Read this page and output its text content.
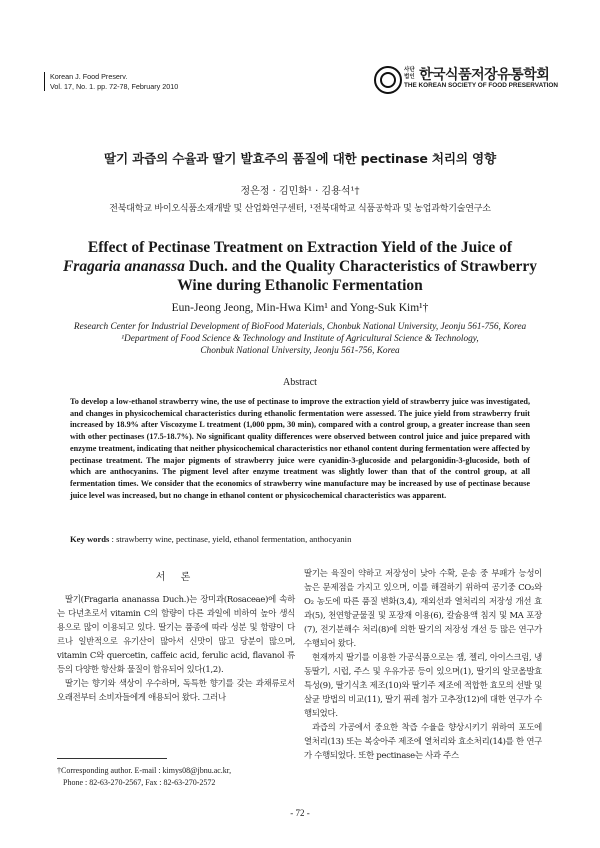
Korean J. Food Preserv.
Vol. 17, No. 1. pp. 72-78, February 2010
사단법인 한국식품저장유통학회
THE KOREAN SOCIETY OF FOOD PRESERVATION
딸기 과즙의 수율과 딸기 발효주의 품질에 대한 pectinase 처리의 영향
정은정 · 김민화¹ · 김용석¹†
전북대학교 바이오식품소재개발 및 산업화연구센터, ¹전북대학교 식품공학과 및 농업과학기술연구소
Effect of Pectinase Treatment on Extraction Yield of the Juice of
Fragaria ananassa Duch. and the Quality Characteristics of Strawberry
Wine during Ethanolic Fermentation
Eun-Jeong Jeong, Min-Hwa Kim¹ and Yong-Suk Kim¹†
Research Center for Industrial Development of BioFood Materials, Chonbuk National University, Jeonju 561-756, Korea
¹Department of Food Science & Technology and Institute of Agricultural Science & Technology,
Chonbuk National University, Jeonju 561-756, Korea
Abstract
To develop a low-ethanol strawberry wine, the use of pectinase to improve the extraction yield of strawberry juice was investigated, and changes in physicochemical characteristics during ethanolic fermentation were assessed. The juice yield from strawberry fruit increased by 18.9% after Viscozyme L treatment (1,000 ppm, 30 min), compared with a control group, a greater increase than seen with other pectinases (17.5-18.7%). No significant quality differences were observed between control juice and juice prepared with enzyme treatment, indicating that neither physicochemical characteristics nor ethanol content during fermentation were affected by pectinase treatment. The major pigments of strawberry juice were cyanidin-3-glucoside and pelargonidin-3-glucoside, both of which are anthocyanins. The pigment level after enzyme treatment was slightly lower than that of the control group, at all fermentation times. We consider that the economics of strawberry wine manufacture may be increased by use of pectinase because juice level was increased, but no change in ethanol content or physicochemical characteristics was apparent.
Key words : strawberry wine, pectinase, yield, ethanol fermentation, anthocyanin
서 론

딸기(Fragaria ananassa Duch.)는 장미과(Rosaceae)에 속하는 다년초로서 vitamin C의 함량이 다른 과일에 비하여 높아 생식용으로 많이 이용되고 있다. 딸기는 품종에 따라 성분 및 함량이 다르나 일반적으로 유기산이 많아서 신맛이 많고 당분이 많으며, vitamin C와 quercetin, caffeic acid, ferulic acid, flavanol 류 등의 다양한 항산화 물질이 함유되어 있다(1,2).

딸기는 향기와 색상이 우수하며, 독특한 향기를 갖는 과채류로서 오래전부터 소비자들에게 애용되어 왔다. 그러나

딸기는 육질이 약하고 저장성이 낮아 수확, 운송 중 부패가 능성이 높은 문제점을 가지고 있으며, 이를 해결하기 위하여 공기중 CO₂와 O₂ 농도에 따른 품질 변화(3,4), 재외선과 열처리의 저장성 개선 효과(5), 천연항균물질 및 포장재 이용(6), 칼슘용액 침지 및 MA 포장(7), 전기분해수 처리(8)에 의한 딸기의 저장성 개선 등 많은 연구가 수행되어 왔다.

현재까지 딸기를 이용한 가공식품으로는 잼, 젤리, 아이스크림, 냉동딸기, 시럽, 주스 및 우유가공 등이 있으며(1), 딸기의 알코올발효 특성(9), 딸기식초 제조(10)와 딸기주 제조에 적합한 효모의 선발 및 살균 방법의 비교(11), 딸기 퓌레 첨가 고추장(12)에 대한 연구가 수행되었다.

과즙의 가공에서 중요한 착즙 수율을 향상시키기 위하여 포도에 열처리(13) 또는 복숭아주 제조에 열처리와 효소처리(14)를 한 연구가 수행되었다. 또한 pectinase는 사과 주스

†Corresponding author. E-mail : kimys08@jbnu.ac.kr,
Phone : 82-63-270-2567, Fax : 82-63-270-2572
- 72 -
